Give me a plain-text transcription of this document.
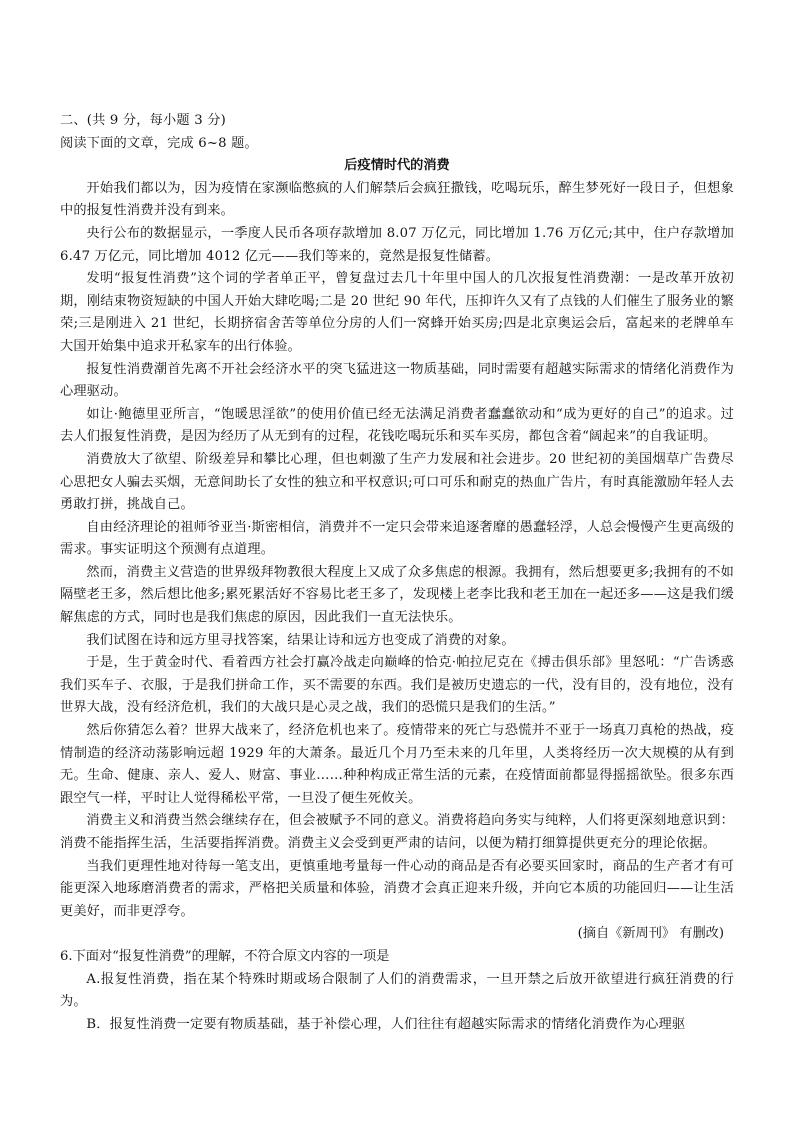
二、(共 9 分，每小题 3 分)

阅读下面的文章，完成 6~8 题。

后疫情时代的消费

开始我们都以为，因为疫情在家濒临憋疯的人们解禁后会疯狂撒钱，吃喝玩乐，醉生梦死好一段日子，但想象中的报复性消费并没有到来。

央行公布的数据显示，一季度人民币各项存款增加 8.07 万亿元，同比增加 1.76 万亿元;其中，住户存款增加 6.47 万亿元，同比增加 4012 亿元——我们等来的，竟然是报复性储蓄。

发明“报复性消费”这个词的学者单正平，曾复盘过去几十年里中国人的几次报复性消费潮：一是改革开放初期，刚结束物资短缺的中国人开始大肆吃喝;二是 20 世纪 90 年代，压抑许久又有了点钱的人们催生了服务业的繁荣;三是刚进入 21 世纪，长期挤宿舍苦等单位分房的人们一窝蜂开始买房;四是北京奥运会后，富起来的老牌单车大国开始集中追求开私家车的出行体验。

报复性消费潮首先离不开社会经济水平的突飞猛进这一物质基础，同时需要有超越实际需求的情绪化消费作为心理驱动。

如让·鲍德里亚所言，“饱暖思淫欲”的使用价值已经无法满足消费者蠢蠢欲动和“成为更好的自己”的追求。过去人们报复性消费，是因为经历了从无到有的过程，花钱吃喝玩乐和买车买房，都包含着“阔起来”的自我证明。

消费放大了欲望、阶级差异和攀比心理，但也刺激了生产力发展和社会进步。20 世纪初的美国烟草广告费尽心思把女人骗去买烟，无意间助长了女性的独立和平权意识;可口可乐和耐克的热血广告片，有时真能激励年轻人去勇敢打拼，挑战自己。

自由经济理论的祖师爷亚当·斯密相信，消费并不一定只会带来追逐奢靡的愚蠢轻浮，人总会慢慢产生更高级的需求。事实证明这个预测有点道理。

然而，消费主义营造的世界级拜物教很大程度上又成了众多焦虑的根源。我拥有，然后想要更多;我拥有的不如隔壁老王多，然后想比他多;累死累活好不容易比老王多了，发现楼上老李比我和老王加在一起还多——这是我们缓解焦虑的方式，同时也是我们焦虑的原因，因此我们一直无法快乐。

我们试图在诗和远方里寻找答案，结果让诗和远方也变成了消费的对象。

于是，生于黄金时代、看着西方社会打赢冷战走向巅峰的恰克·帕拉尼克在《搏击俱乐部》里怒吼：“广告诱惑我们买车子、衣服，于是我们拼命工作，买不需要的东西。我们是被历史遗忘的一代，没有目的，没有地位，没有世界大战，没有经济危机，我们的大战只是心灵之战，我们的恐慌只是我们的生活。”

然后你猜怎么着？世界大战来了，经济危机也来了。疫情带来的死亡与恐慌并不亚于一场真刀真枪的热战，疫情制造的经济动荡影响远超 1929 年的大萧条。最近几个月乃至未来的几年里，人类将经历一次大规模的从有到无。生命、健康、亲人、爱人、财富、事业……种种构成正常生活的元素，在疫情面前都显得摇摇欲坠。很多东西跟空气一样，平时让人觉得稀松平常，一旦没了便生死攸关。

消费主义和消费当然会继续存在，但会被赋予不同的意义。消费将趋向务实与纯粹，人们将更深刻地意识到：消费不能指挥生活，生活要指挥消费。消费主义会受到更严肃的诘问，以便为精打细算提供更充分的理论依据。

当我们更理性地对待每一笔支出，更慎重地考量每一件心动的商品是否有必要买回家时，商品的生产者才有可能更深入地琢磨消费者的需求，严格把关质量和体验，消费才会真正迎来升级，并向它本质的功能回归——让生活更美好，而非更浮夸。

(摘自《新周刊》 有删改)

6.下面对“报复性消费”的理解，不符合原文内容的一项是

A.报复性消费，指在某个特殊时期或场合限制了人们的消费需求，一旦开禁之后放开欲望进行疯狂消费的行为。

B．报复性消费一定要有物质基础，基于补偿心理，人们往往有超越实际需求的情绪化消费作为心理驱
